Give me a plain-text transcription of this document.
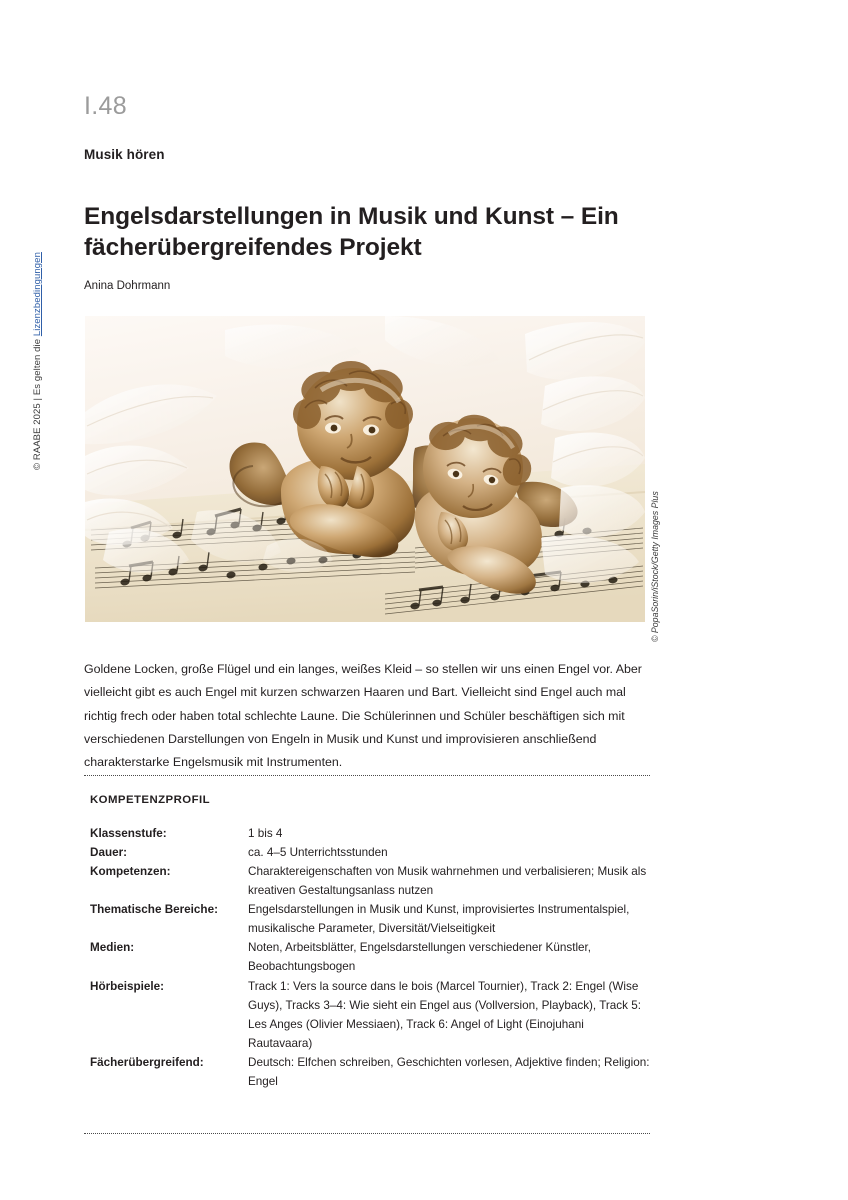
© RAABE 2025 | Es gelten die Lizenzbedingungen
I.48
Musik hören
Engelsdarstellungen in Musik und Kunst – Ein fächerübergreifendes Projekt
Anina Dohrmann
© PopaSorin/iStock/Getty Images Plus

Goldene Locken, große Flügel und ein langes, weißes Kleid – so stellen wir uns einen Engel vor. Aber vielleicht gibt es auch Engel mit kurzen schwarzen Haaren und Bart. Vielleicht sind Engel auch mal richtig frech oder haben total schlechte Laune. Die Schülerinnen und Schüler beschäftigen sich mit verschiedenen Darstellungen von Engeln in Musik und Kunst und improvisieren anschließend charakterstarke Engelsmusik mit Instrumenten.

KOMPETENZPROFIL
Klassenstufe:	1 bis 4
Dauer:	ca. 4–5 Unterrichtsstunden
Kompetenzen:	Charaktereigenschaften von Musik wahrnehmen und verbalisieren; Musik als kreativen Gestaltungsanlass nutzen
Thematische Bereiche:	Engelsdarstellungen in Musik und Kunst, improvisiertes Instrumentalspiel, musikalische Parameter, Diversität/Vielseitigkeit
Medien:	Noten, Arbeitsblätter, Engelsdarstellungen verschiedener Künstler, Beobachtungsbogen
Hörbeispiele:	Track 1: Vers la source dans le bois (Marcel Tournier), Track 2: Engel (Wise Guys), Tracks 3–4: Wie sieht ein Engel aus (Vollversion, Playback), Track 5: Les Anges (Olivier Messiaen), Track 6: Angel of Light (Einojuhani Rautavaara)
Fächerübergreifend:	Deutsch: Elfchen schreiben, Geschichten vorlesen, Adjektive finden; Religion: Engel
